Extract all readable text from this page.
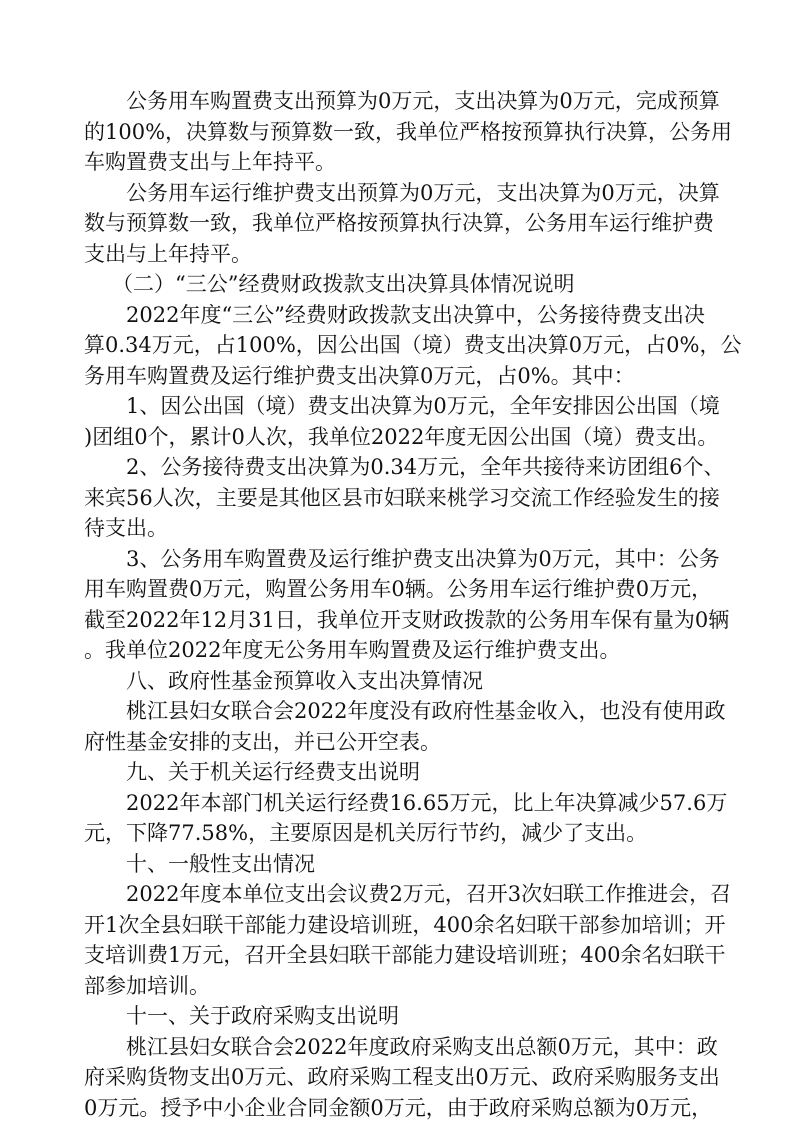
公务用车购置费支出预算为0万元，支出决算为0万元，完成预算
的100%，决算数与预算数一致，我单位严格按预算执行决算，公务用
车购置费支出与上年持平。

公务用车运行维护费支出预算为0万元，支出决算为0万元，决算
数与预算数一致，我单位严格按预算执行决算，公务用车运行维护费
支出与上年持平。

（二）“三公”经费财政拨款支出决算具体情况说明

2022年度“三公”经费财政拨款支出决算中，公务接待费支出决
算0.34万元，占100%，因公出国（境）费支出决算0万元，占0%，公
务用车购置费及运行维护费支出决算0万元，占0%。其中：

1、因公出国（境）费支出决算为0万元，全年安排因公出国（境
)团组0个，累计0人次，我单位2022年度无因公出国（境）费支出。

2、公务接待费支出决算为0.34万元，全年共接待来访团组6个、
来宾56人次，主要是其他区县市妇联来桃学习交流工作经验发生的接
待支出。

3、公务用车购置费及运行维护费支出决算为0万元，其中：公务
用车购置费0万元，购置公务用车0辆。公务用车运行维护费0万元，
截至2022年12月31日，我单位开支财政拨款的公务用车保有量为0辆
。我单位2022年度无公务用车购置费及运行维护费支出。

八、政府性基金预算收入支出决算情况

桃江县妇女联合会2022年度没有政府性基金收入，也没有使用政
府性基金安排的支出，并已公开空表。

九、关于机关运行经费支出说明

2022年本部门机关运行经费16.65万元，比上年决算减少57.6万
元，下降77.58%，主要原因是机关厉行节约，减少了支出。

十、一般性支出情况

2022年度本单位支出会议费2万元，召开3次妇联工作推进会，召
开1次全县妇联干部能力建设培训班，400余名妇联干部参加培训；开
支培训费1万元，召开全县妇联干部能力建设培训班；400余名妇联干
部参加培训。

十一、关于政府采购支出说明

桃江县妇女联合会2022年度政府采购支出总额0万元，其中：政
府采购货物支出0万元、政府采购工程支出0万元、政府采购服务支出
0万元。授予中小企业合同金额0万元，由于政府采购总额为0万元，
